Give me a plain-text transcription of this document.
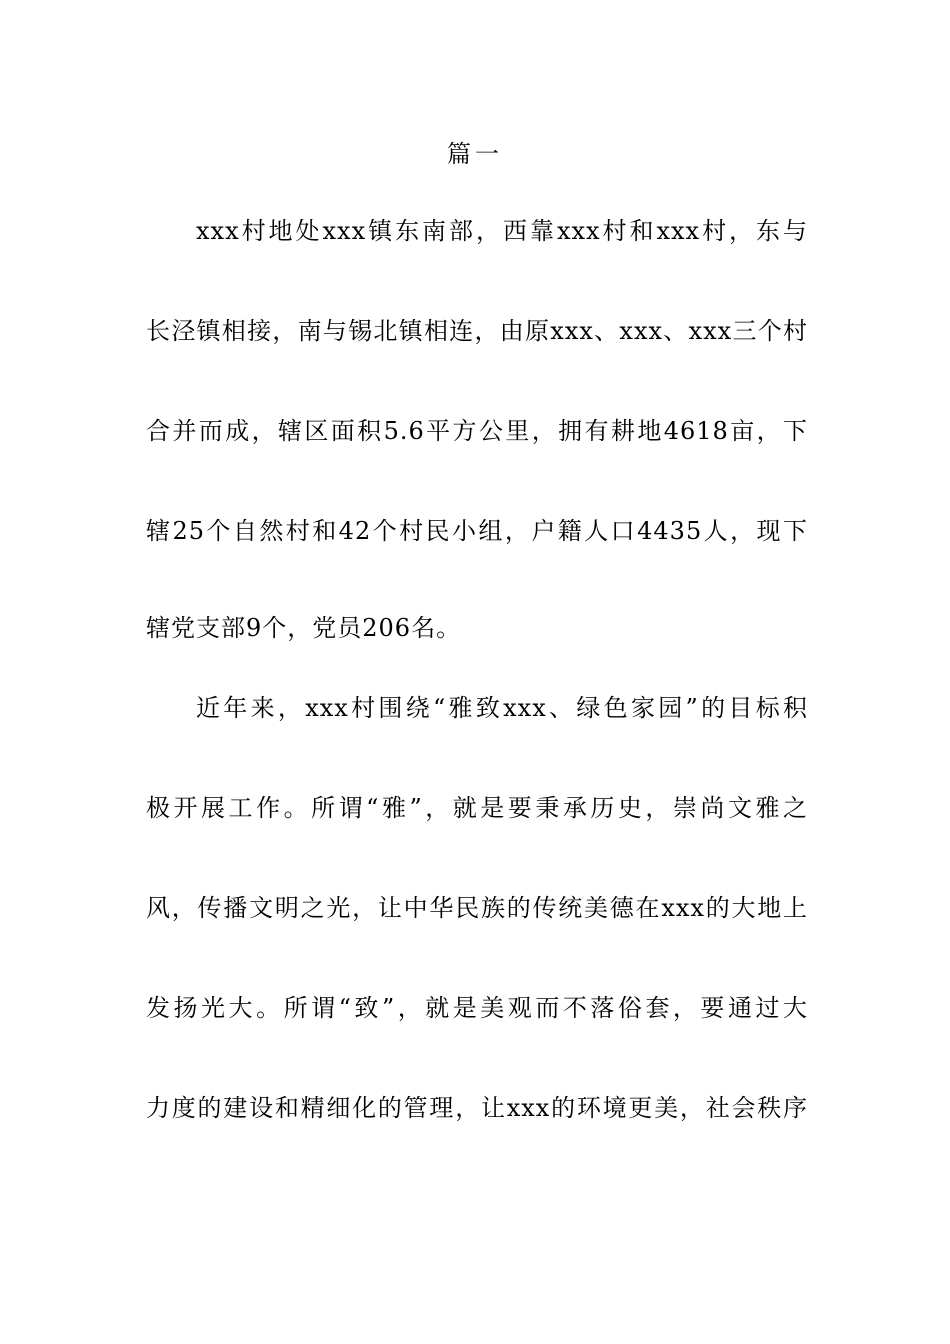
篇一
xxx村地处xxx镇东南部，西靠xxx村和xxx村，东与
长泾镇相接，南与锡北镇相连，由原xxx、xxx、xxx三个村
合并而成，辖区面积5.6平方公里，拥有耕地4618亩，下
辖25个自然村和42个村民小组，户籍人口4435人，现下
辖党支部9个，党员206名。
近年来，xxx村围绕“雅致xxx、绿色家园”的目标积
极开展工作。所谓“雅”，就是要秉承历史，崇尚文雅之
风，传播文明之光，让中华民族的传统美德在xxx的大地上
发扬光大。所谓“致”，就是美观而不落俗套，要通过大
力度的建设和精细化的管理，让xxx的环境更美，社会秩序
